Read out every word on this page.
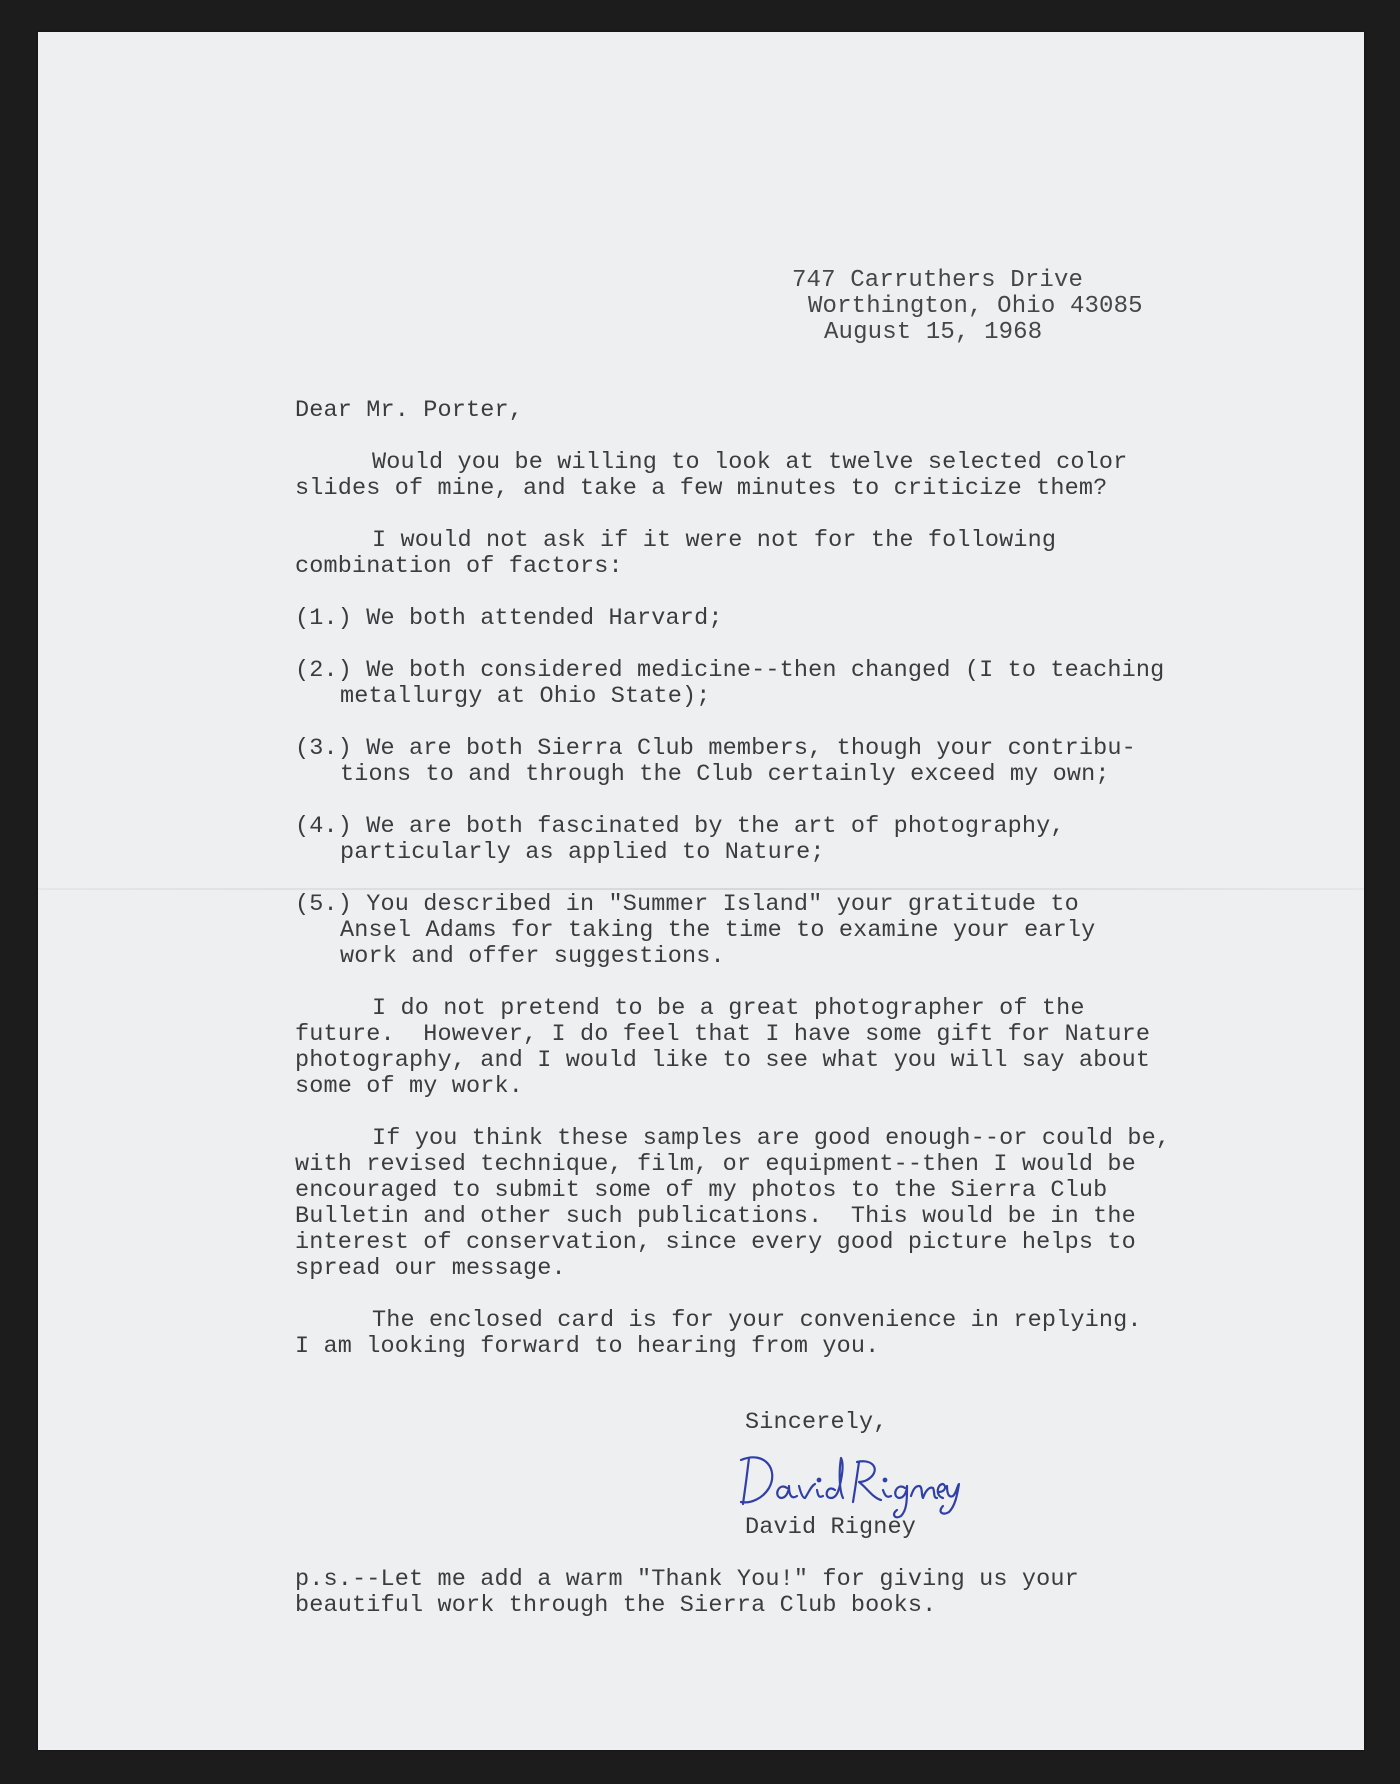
747 Carruthers Drive
Worthington, Ohio 43085
August 15, 1968
Dear Mr. Porter,
Would you be willing to look at twelve selected color
slides of mine, and take a few minutes to criticize them?
I would not ask if it were not for the following
combination of factors:
(1.) We both attended Harvard;
(2.) We both considered medicine--then changed (I to teaching
metallurgy at Ohio State);
(3.) We are both Sierra Club members, though your contribu-
tions to and through the Club certainly exceed my own;
(4.) We are both fascinated by the art of photography,
particularly as applied to Nature;
(5.) You described in "Summer Island" your gratitude to
Ansel Adams for taking the time to examine your early
work and offer suggestions.
I do not pretend to be a great photographer of the
future.  However, I do feel that I have some gift for Nature
photography, and I would like to see what you will say about
some of my work.
If you think these samples are good enough--or could be,
with revised technique, film, or equipment--then I would be
encouraged to submit some of my photos to the Sierra Club
Bulletin and other such publications.  This would be in the
interest of conservation, since every good picture helps to
spread our message.
The enclosed card is for your convenience in replying.
I am looking forward to hearing from you.
Sincerely,
David Rigney
p.s.--Let me add a warm "Thank You!" for giving us your
beautiful work through the Sierra Club books.
